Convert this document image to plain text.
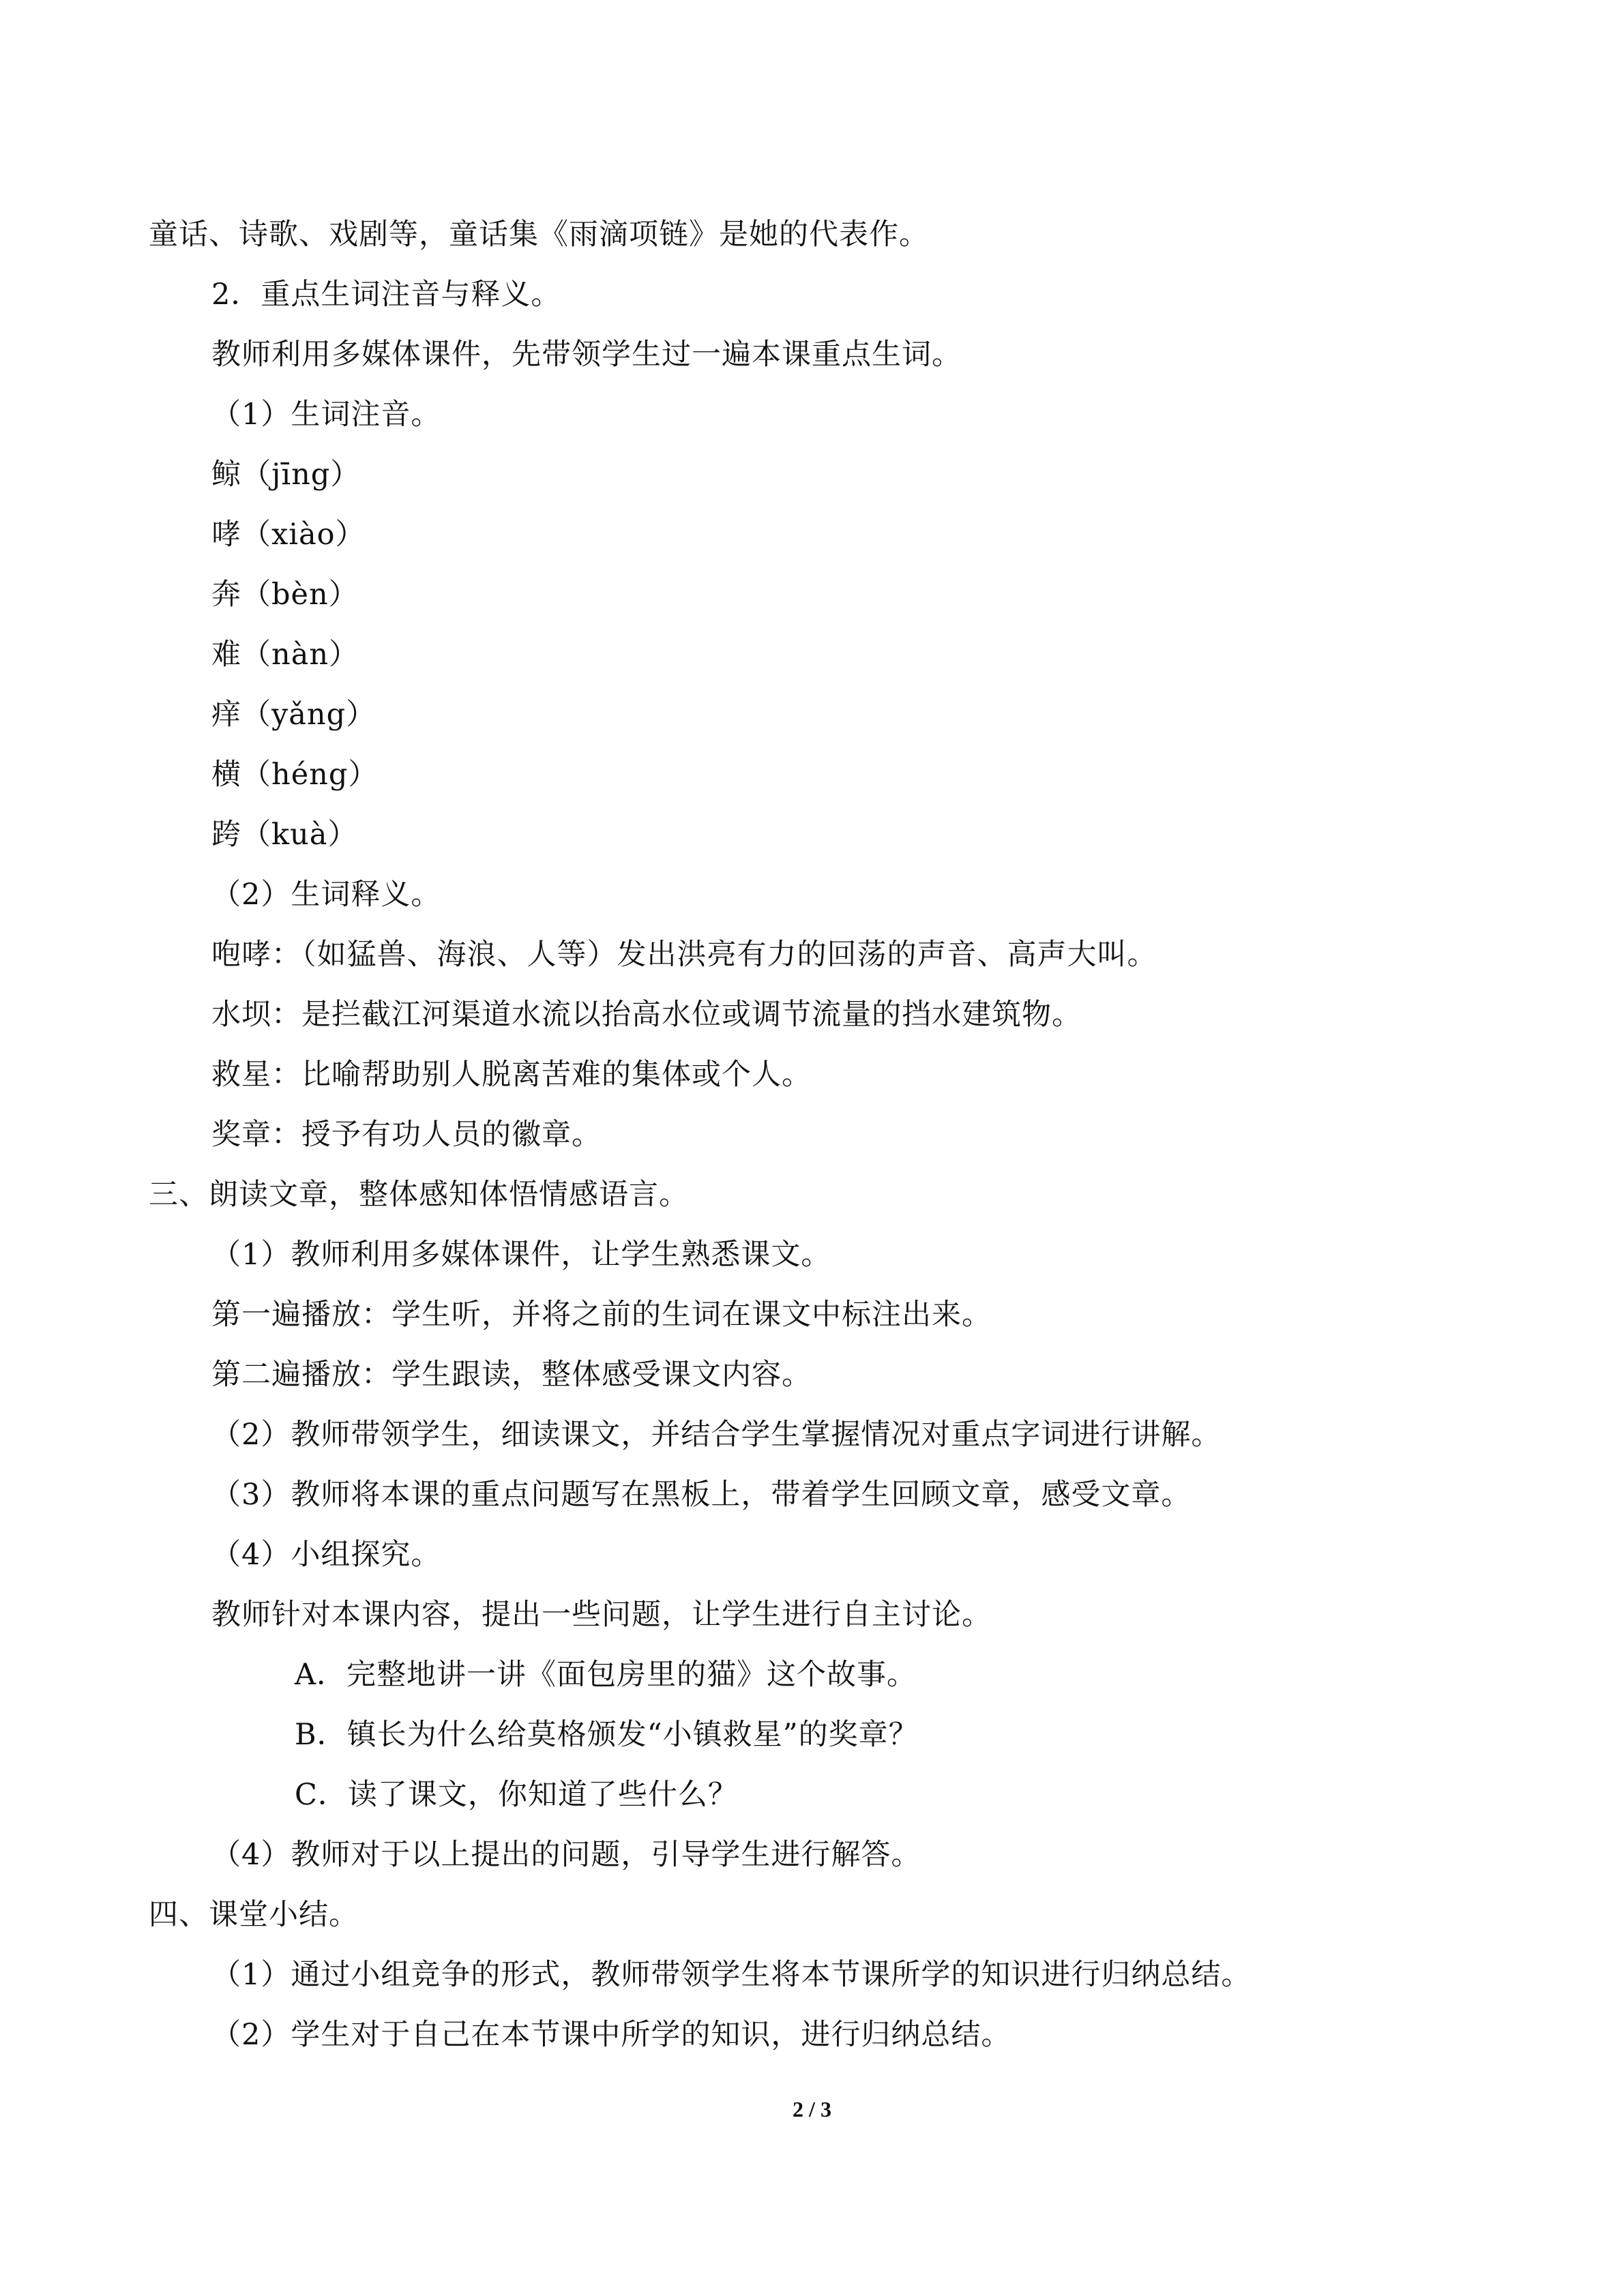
童话、诗歌、戏剧等，童话集《雨滴项链》是她的代表作。
2．重点生词注音与释义。
教师利用多媒体课件，先带领学生过一遍本课重点生词。
（1）生词注音。
鲸（jīng）
哮（xiào）
奔（bèn）
难（nàn）
痒（yǎng）
横（héng）
跨（kuà）
（2）生词释义。
咆哮：（如猛兽、海浪、人等）发出洪亮有力的回荡的声音、高声大叫。
水坝：是拦截江河渠道水流以抬高水位或调节流量的挡水建筑物。
救星：比喻帮助别人脱离苦难的集体或个人。
奖章：授予有功人员的徽章。
三、朗读文章，整体感知体悟情感语言。
（1）教师利用多媒体课件，让学生熟悉课文。
第一遍播放：学生听，并将之前的生词在课文中标注出来。
第二遍播放：学生跟读，整体感受课文内容。
（2）教师带领学生，细读课文，并结合学生掌握情况对重点字词进行讲解。
（3）教师将本课的重点问题写在黑板上，带着学生回顾文章，感受文章。
（4）小组探究。
教师针对本课内容，提出一些问题，让学生进行自主讨论。
A．完整地讲一讲《面包房里的猫》这个故事。
B．镇长为什么给莫格颁发“小镇救星”的奖章？
C．读了课文，你知道了些什么？
（4）教师对于以上提出的问题，引导学生进行解答。
四、课堂小结。
（1）通过小组竞争的形式，教师带领学生将本节课所学的知识进行归纳总结。
（2）学生对于自己在本节课中所学的知识，进行归纳总结。
2 / 3
